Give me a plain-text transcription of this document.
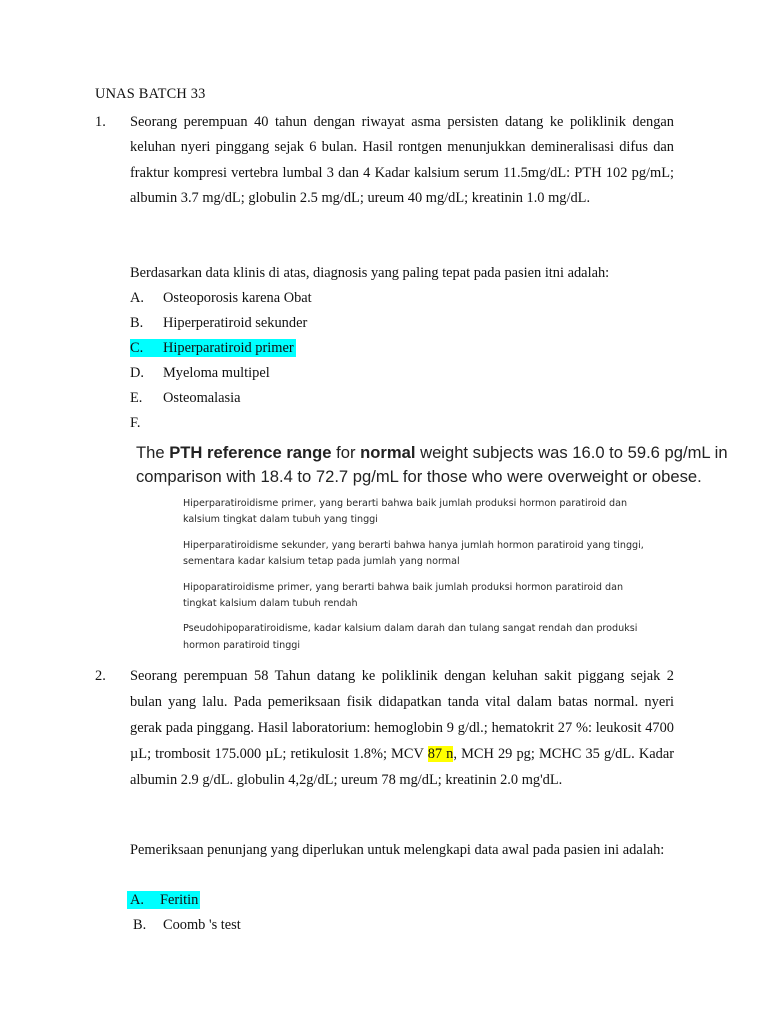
UNAS BATCH 33
1. Seorang perempuan 40 tahun dengan riwayat asma persisten datang ke poliklinik dengan keluhan nyeri pinggang sejak 6 bulan. Hasil rontgen menunjukkan demineralisasi difus dan fraktur kompresi vertebra lumbal 3 dan 4 Kadar kalsium serum 11.5mg/dL: PTH 102 pg/mL; albumin 3.7 mg/dL; globulin 2.5 mg/dL; ureum 40 mg/dL; kreatinin 1.0 mg/dL.
Berdasarkan data klinis di atas, diagnosis yang paling tepat pada pasien itni adalah:
A. Osteoporosis karena Obat
B. Hiperperatiroid sekunder
C. Hiperparatiroid primer
D. Myeloma multipel
E. Osteomalasia
F.
The PTH reference range for normal weight subjects was 16.0 to 59.6 pg/mL in comparison with 18.4 to 72.7 pg/mL for those who were overweight or obese.

Hiperparatiroidisme primer, yang berarti bahwa baik jumlah produksi hormon paratiroid dan kalsium tingkat dalam tubuh yang tinggi

Hiperparatiroidisme sekunder, yang berarti bahwa hanya jumlah hormon paratiroid yang tinggi, sementara kadar kalsium tetap pada jumlah yang normal

Hipoparatiroidisme primer, yang berarti bahwa baik jumlah produksi hormon paratiroid dan tingkat kalsium dalam tubuh rendah

Pseudohipoparatiroidisme, kadar kalsium dalam darah dan tulang sangat rendah dan produksi hormon paratiroid tinggi

2. Seorang perempuan 58 Tahun datang ke poliklinik dengan keluhan sakit piggang sejak 2 bulan yang lalu. Pada pemeriksaan fisik didapatkan tanda vital dalam batas normal. nyeri gerak pada pinggang. Hasil laboratorium: hemoglobin 9 g/dl.; hematokrit 27 %: leukosit 4700 µL; trombosit 175.000 µL; retikulosit 1.8%; MCV 87 n, MCH 29 pg; MCHC 35 g/dL. Kadar albumin 2.9 g/dL. globulin 4,2g/dL; ureum 78 mg/dL; kreatinin 2.0 mg'dL.
Pemeriksaan penunjang yang diperlukan untuk melengkapi data awal pada pasien ini adalah:
A. Feritin
B. Coomb 's test
